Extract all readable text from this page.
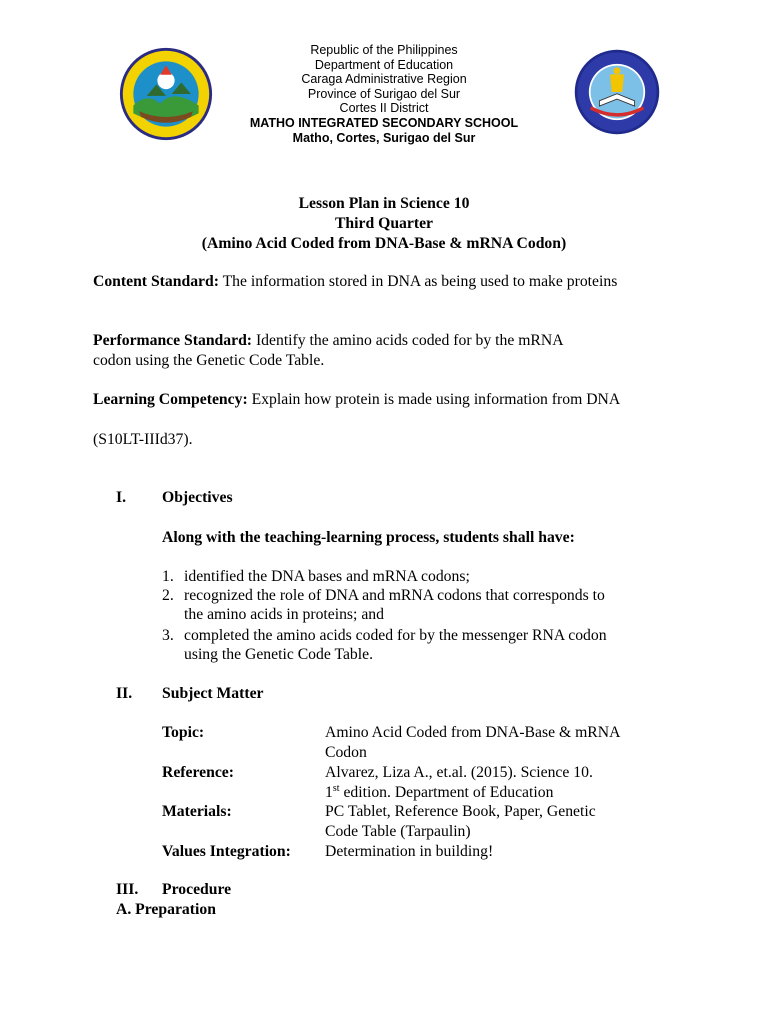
Republic of the Philippines
Department of Education
Caraga Administrative Region
Province of Surigao del Sur
Cortes II District
MATHO INTEGRATED SECONDARY SCHOOL
Matho, Cortes, Surigao del Sur
Lesson Plan in Science 10
Third Quarter
(Amino Acid Coded from DNA-Base & mRNA Codon)
Content Standard: The information stored in DNA as being used to make proteins
Performance Standard: Identify the amino acids coded for by the mRNA
codon using the Genetic Code Table.
Learning Competency: Explain how protein is made using information from DNA
(S10LT-IIId37).
I. Objectives
Along with the teaching-learning process, students shall have:
1. identified the DNA bases and mRNA codons;
2. recognized the role of DNA and mRNA codons that corresponds to
the amino acids in proteins; and
3. completed the amino acids coded for by the messenger RNA codon
using the Genetic Code Table.
II. Subject Matter
Topic:	Amino Acid Coded from DNA-Base & mRNA
Codon
Reference:	Alvarez, Liza A., et.al. (2015). Science 10.
1st edition. Department of Education
Materials:	PC Tablet, Reference Book, Paper, Genetic
Code Table (Tarpaulin)
Values Integration: Determination in building!
III. Procedure
A. Preparation
